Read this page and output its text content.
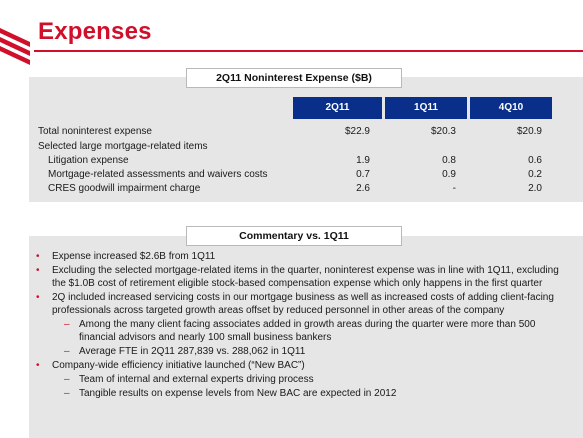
Expenses
2Q11 Noninterest Expense ($B)
2Q11	1Q11	4Q10
Total noninterest expense	$22.9	$20.3	$20.9
Selected large mortgage-related items
Litigation expense	1.9	0.8	0.6
Mortgage-related assessments and waivers costs	0.7	0.9	0.2
CRES goodwill impairment charge	2.6	-	2.0
Commentary vs. 1Q11
• Expense increased $2.6B from 1Q11
• Excluding the selected mortgage-related items in the quarter, noninterest expense was in line with 1Q11, excluding the $1.0B cost of retirement eligible stock-based compensation expense which only happens in the first quarter
• 2Q included increased servicing costs in our mortgage business as well as increased costs of adding client-facing professionals across targeted growth areas offset by reduced personnel in other areas of the company
– Among the many client facing associates added in growth areas during the quarter were more than 500 financial advisors and nearly 100 small business bankers
– Average FTE in 2Q11 287,839 vs. 288,062 in 1Q11
• Company-wide efficiency initiative launched (“New BAC”)
– Team of internal and external experts driving process
– Tangible results on expense levels from New BAC are expected in 2012
